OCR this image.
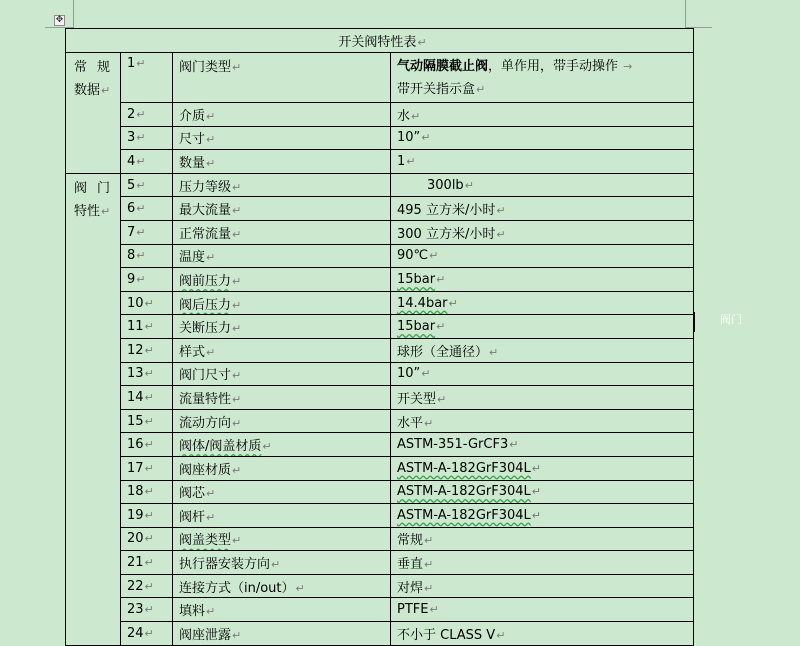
✥
开关阀特性表↵			

常 规
数据↵	1↵	阀门类型↵	气动隔膜截止阀，单作用，带手动操作 →
带开关指示盒↵
	2↵	介质↵	水↵
	3↵	尺寸↵	10”↵
	4↵	数量↵	1↵

阀 门
特性↵	5↵	压力等级↵	300lb↵
	6↵	最大流量↵	495 立方米/小时↵
	7↵	正常流量↵	300 立方米/小时↵
	8↵	温度↵	90℃↵
	9↵	阀前压力↵	15bar↵
	10↵	阀后压力↵	14.4bar↵
	11↵	关断压力↵	15bar↵
	12↵	样式↵	球形（全通径）↵
	13↵	阀门尺寸↵	10”↵
	14↵	流量特性↵	开关型↵
	15↵	流动方向↵	水平↵
	16↵	阀体/阀盖材质↵	ASTM-351-GrCF3↵
	17↵	阀座材质↵	ASTM-A-182GrF304L↵
	18↵	阀芯↵	ASTM-A-182GrF304L↵
	19↵	阀杆↵	ASTM-A-182GrF304L↵
	20↵	阀盖类型↵	常规↵
	21↵	执行器安装方向↵	垂直↵
	22↵	连接方式（in/out）↵	对焊↵
	23↵	填料↵	PTFE↵
	24↵	阀座泄露↵	不小于 CLASS V↵
阀门
